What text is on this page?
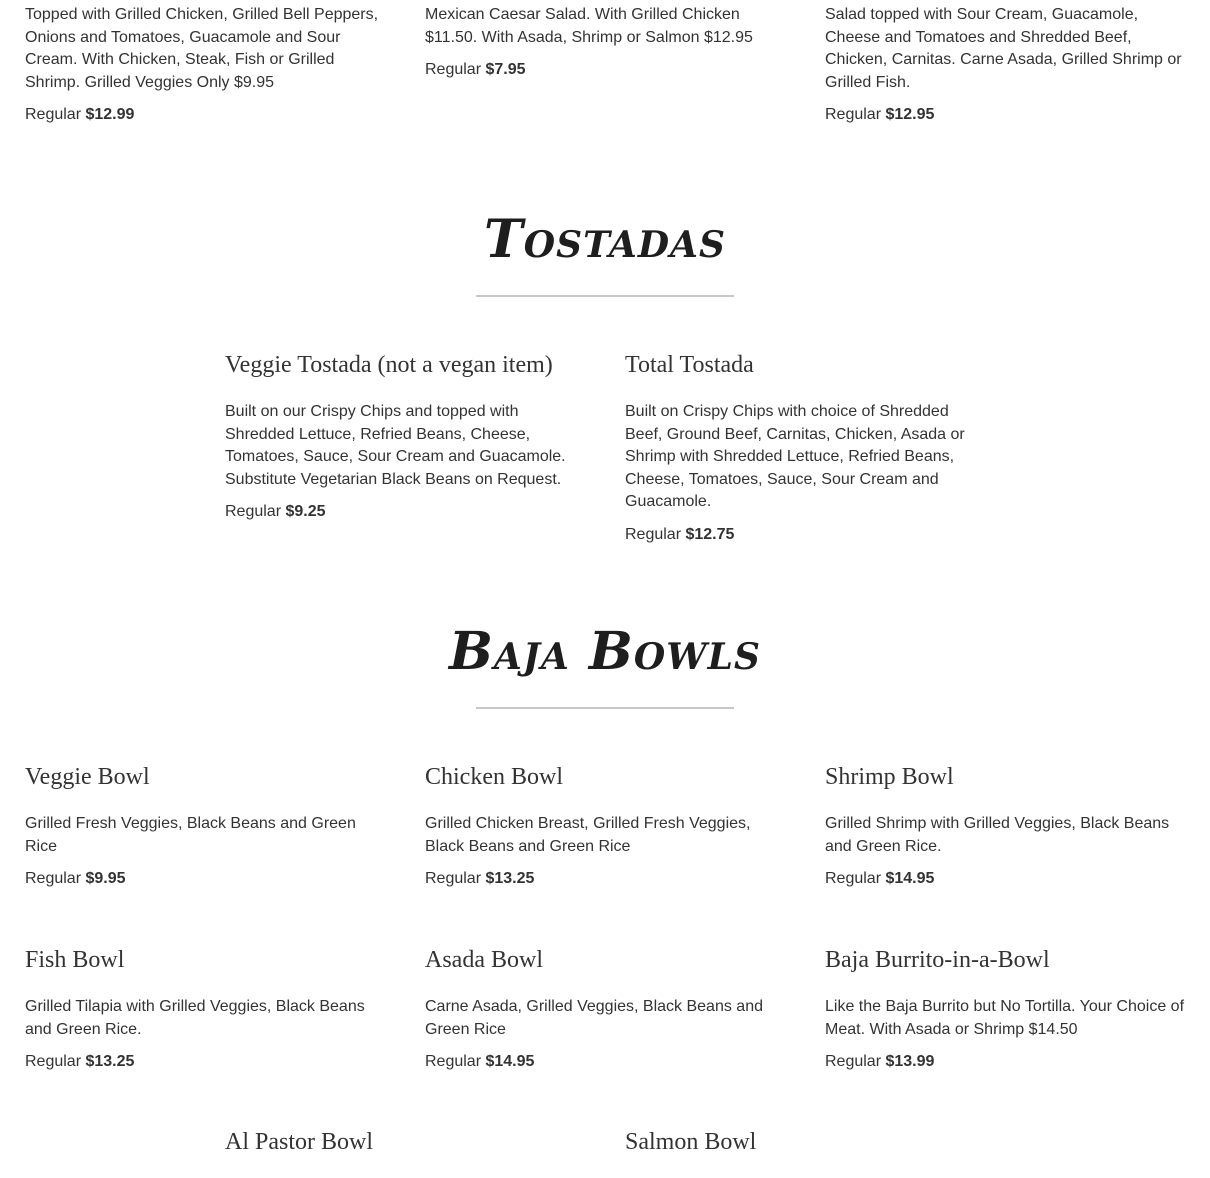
Topped with Grilled Chicken, Grilled Bell Peppers, Onions and Tomatoes, Guacamole and Sour Cream. With Chicken, Steak, Fish or Grilled Shrimp. Grilled Veggies Only $9.95

Regular $12.99

Mexican Caesar Salad. With Grilled Chicken $11.50. With Asada, Shrimp or Salmon $12.95

Regular $7.95

Salad topped with Sour Cream, Guacamole, Cheese and Tomatoes and Shredded Beef, Chicken, Carnitas. Carne Asada, Grilled Shrimp or Grilled Fish.

Regular $12.95
Tostadas
Veggie Tostada (not a vegan item)

Built on our Crispy Chips and topped with Shredded Lettuce, Refried Beans, Cheese, Tomatoes, Sauce, Sour Cream and Guacamole. Substitute Vegetarian Black Beans on Request.

Regular $9.25
Total Tostada

Built on Crispy Chips with choice of Shredded Beef, Ground Beef, Carnitas, Chicken, Asada or Shrimp with Shredded Lettuce, Refried Beans, Cheese, Tomatoes, Sauce, Sour Cream and Guacamole.

Regular $12.75
Baja Bowls
Veggie Bowl

Grilled Fresh Veggies, Black Beans and Green Rice

Regular $9.95
Chicken Bowl

Grilled Chicken Breast, Grilled Fresh Veggies, Black Beans and Green Rice

Regular $13.25
Shrimp Bowl

Grilled Shrimp with Grilled Veggies, Black Beans and Green Rice.

Regular $14.95
Fish Bowl

Grilled Tilapia with Grilled Veggies, Black Beans and Green Rice.

Regular $13.25
Asada Bowl

Carne Asada, Grilled Veggies, Black Beans and Green Rice

Regular $14.95
Baja Burrito-in-a-Bowl

Like the Baja Burrito but No Tortilla. Your Choice of Meat. With Asada or Shrimp $14.50

Regular $13.99
Al Pastor Bowl	Salmon Bowl
